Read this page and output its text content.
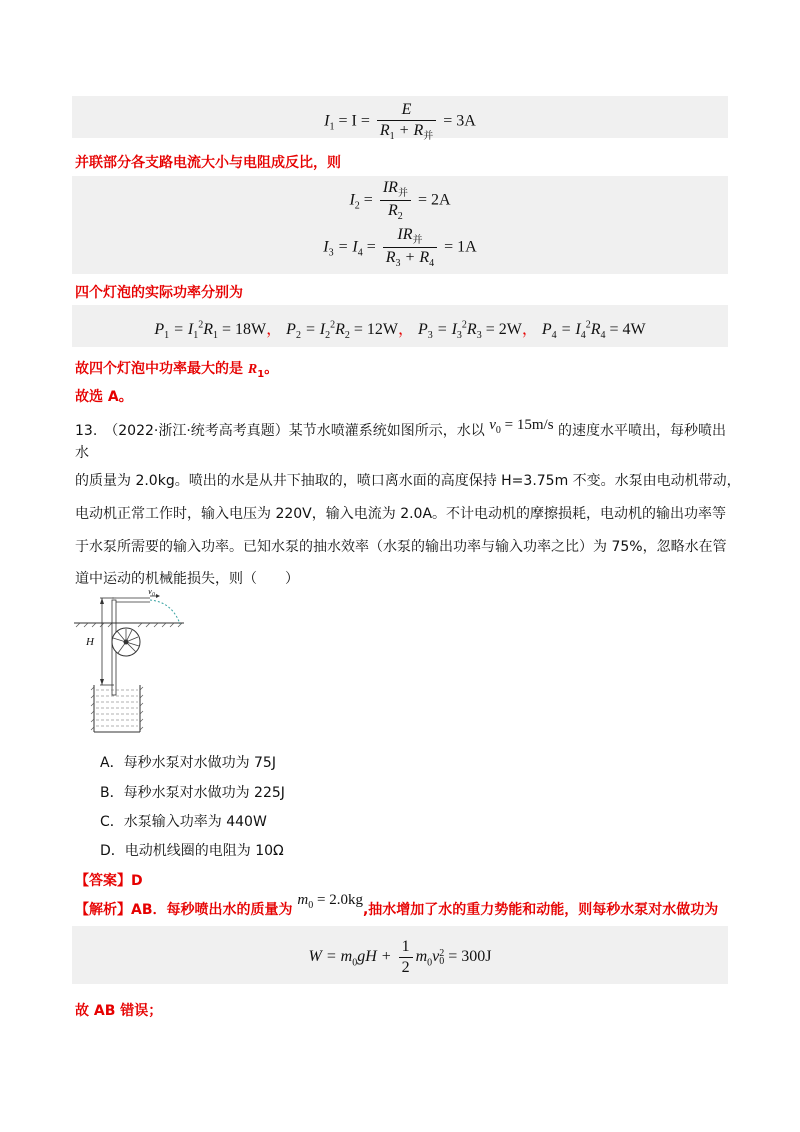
$I_1 = I = \frac{E}{R_1 + R_并} = 3A$
并联部分各支路电流大小与电阻成反比，则
$I_2 = \frac{IR_并}{R_2} = 2A$
$I_3 = I_4 = \frac{IR_并}{R_3 + R_4} = 1A$
四个灯泡的实际功率分别为
$P_1 = I_1^2R_1 = 18W$， $P_2 = I_2^2R_2 = 12W$， $P_3 = I_3^2R_3 = 2W$， $P_4 = I_4^2R_4 = 4W$
故四个灯泡中功率最大的是 $R_1$。
故选 A。
13.　（2022·浙江·统考高考真题）某节水喷灌系统如图所示，水以 $v_0 = 15m/s$ 的速度水平喷出，每秒喷出水
的质量为 2.0kg。喷出的水是从井下抽取的，喷口离水面的高度保持 H=3.75m 不变。水泵由电动机带动，
电动机正常工作时，输入电压为 220V，输入电流为 2.0A。不计电动机的摩擦损耗，电动机的输出功率等
于水泵所需要的输入功率。已知水泵的抽水效率（水泵的输出功率与输入功率之比）为 75%，忽略水在管
道中运动的机械能损失，则（　　）
H
v₀
A．每秒水泵对水做功为 75J
B．每秒水泵对水做功为 225J
C．水泵输入功率为 440W
D．电动机线圈的电阻为 10Ω
【答案】D
【解析】AB．每秒喷出水的质量为 $m_0 = 2.0kg$,抽水增加了水的重力势能和动能，则每秒水泵对水做功为
$W = m_0gH + \frac{1}{2} m_0v$ 2
0 = 300J
故 AB 错误；
